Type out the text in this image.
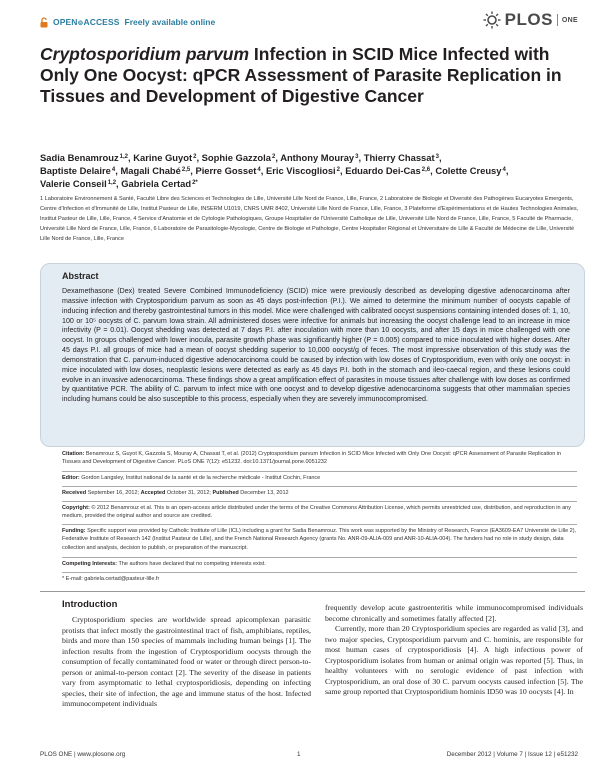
OPEN⊚ACCESS Freely available online	PLOS ONE
Cryptosporidium parvum Infection in SCID Mice Infected with Only One Oocyst: qPCR Assessment of Parasite Replication in Tissues and Development of Digestive Cancer
Sadia Benamrouz$^{1,2}$, Karine Guyot$^2$, Sophie Gazzola$^2$, Anthony Mouray$^3$, Thierry Chassat$^3$,
Baptiste Delaire$^4$, Magali Chabé$^{2,5}$, Pierre Gosset$^4$, Eric Viscogliosi$^2$, Eduardo Dei-Cas$^{2,6}$, Colette Creusy$^4$,
Valerie Conseil$^{1,2}$, Gabriela Certad$^{2*}$
1 Laboratoire Environnement & Santé, Faculté Libre des Sciences et Technologies de Lille, Université Lille Nord de France, Lille, France, 2 Laboratoire de Biologie et Diversité des Pathogènes Eucaryotes Emergents, Centre d'Infection et d'Immunité de Lille, Institut Pasteur de Lille, INSERM U1019, CNRS UMR 8402, Université Lille Nord de France, Lille, France, 3 Plateforme d'Expérimentations et de Hautes Technologies Animales, Institut Pasteur de Lille, Lille, France, 4 Service d'Anatomie et de Cytologie Pathologiques, Groupe Hospitalier de l'Université Catholique de Lille, Université Lille Nord de France, Lille, France, 5 Faculté de Pharmacie, Université Lille Nord de France, Lille, France, 6 Laboratoire de Parasitologie-Mycologie, Centre de Biologie et Pathologie, Centre Hospitalier Régional et Universitaire de Lille & Faculté de Médecine de Lille, Université Lille Nord de France, Lille, France
Abstract
Dexamethasone (Dex) treated Severe Combined Immunodeficiency (SCID) mice were previously described as developing digestive adenocarcinoma after massive infection with Cryptosporidium parvum as soon as 45 days post-infection (P.I.). We aimed to determine the minimum number of oocysts capable of inducing infection and thereby gastrointestinal tumors in this model. Mice were challenged with calibrated oocyst suspensions containing intended doses of: 1, 10, 100 or 10⁵ oocysts of C. parvum Iowa strain. All administered doses were infective for animals but increasing the oocyst challenge lead to an increase in mice infectivity (P = 0.01). Oocyst shedding was detected at 7 days P.I. after inoculation with more than 10 oocysts, and after 15 days in mice challenged with one oocyst. In groups challenged with lower inocula, parasite growth phase was significantly higher (P = 0.005) compared to mice inoculated with higher doses. After 45 days P.I. all groups of mice had a mean of oocyst shedding superior to 10,000 oocyst/g of feces. The most impressive observation of this study was the demonstration that C. parvum-induced digestive adenocarcinoma could be caused by infection with low doses of Cryptosporidium, even with only one oocyst: in mice inoculated with low doses, neoplastic lesions were detected as early as 45 days P.I. both in the stomach and ileo-caecal region, and these lesions could evolve in an invasive adenocarcinoma. These findings show a great amplification effect of parasites in mouse tissues after challenge with low doses as confirmed by quantitative PCR. The ability of C. parvum to infect mice with one oocyst and to develop digestive adenocarcinoma suggests that other mammalian species including humans could be also susceptible to this process, especially when they are severely immunocompromised.
Citation: Benamrouz S, Guyot K, Gazzola S, Mouray A, Chassat T, et al. (2012) Cryptosporidium parvum Infection in SCID Mice Infected with Only One Oocyst: qPCR Assessment of Parasite Replication in Tissues and Development of Digestive Cancer. PLoS ONE 7(12): e51232. doi:10.1371/journal.pone.0051232
Editor: Gordon Langsley, Institut national de la santé et de la recherche médicale - Institut Cochin, France
Received September 16, 2012; Accepted October 31, 2012; Published December 13, 2012
Copyright: © 2012 Benamrouz et al. This is an open-access article distributed under the terms of the Creative Commons Attribution License, which permits unrestricted use, distribution, and reproduction in any medium, provided the original author and source are credited.
Funding: Specific support was provided by Catholic Institute of Lille (ICL) including a grant for Sadia Benamrouz. This work was supported by the Ministry of Research, France (EA3609-EA7 Université de Lille 2), Federative Institute of Research 142 (Institut Pasteur de Lille), and the French National Research Agency (grants No. ANR-09-ALIA-009 and ANR-10-ALIA-004). The funders had no role in study design, data collection and analysis, decision to publish, or preparation of the manuscript.
Competing Interests: The authors have declared that no competing interests exist.
* E-mail: gabriela.certad@pasteur-lille.fr
Introduction

Cryptosporidium species are worldwide spread apicomplexan parasitic protists that infect mostly the gastrointestinal tract of fish, amphibians, reptiles, birds and more than 150 species of mammals including human beings [1]. The infection results from the ingestion of Cryptosporidium oocysts through the consumption of fecally contaminated food or water or through direct person-to-person or animal-to-person contact [2]. The severity of the disease in patients vary from asymptomatic to lethal cryptosporidiosis, depending on infecting species, their site of infection, the age and immune status of the host. Infected immunocompetent individuals

frequently develop acute gastroenteritis while immunocompromised individuals become chronically and sometimes fatally affected [2].

Currently, more than 20 Cryptosporidium species are regarded as valid [3], and two major species, Cryptosporidium parvum and C. hominis, are responsible for most human cases of cryptosporidiosis [4]. A high infectious power of Cryptosporidium isolates from human or animal origin was reported [5]. Thus, in healthy volunteers with no serologic evidence of past infection with Cryptosporidium, an oral dose of 30 C. parvum oocysts caused infection [5]. The same group reported that Cryptosporidium hominis ID50 was 10 oocysts [4]. In

PLOS ONE | www.plosone.org	1	December 2012 | Volume 7 | Issue 12 | e51232
